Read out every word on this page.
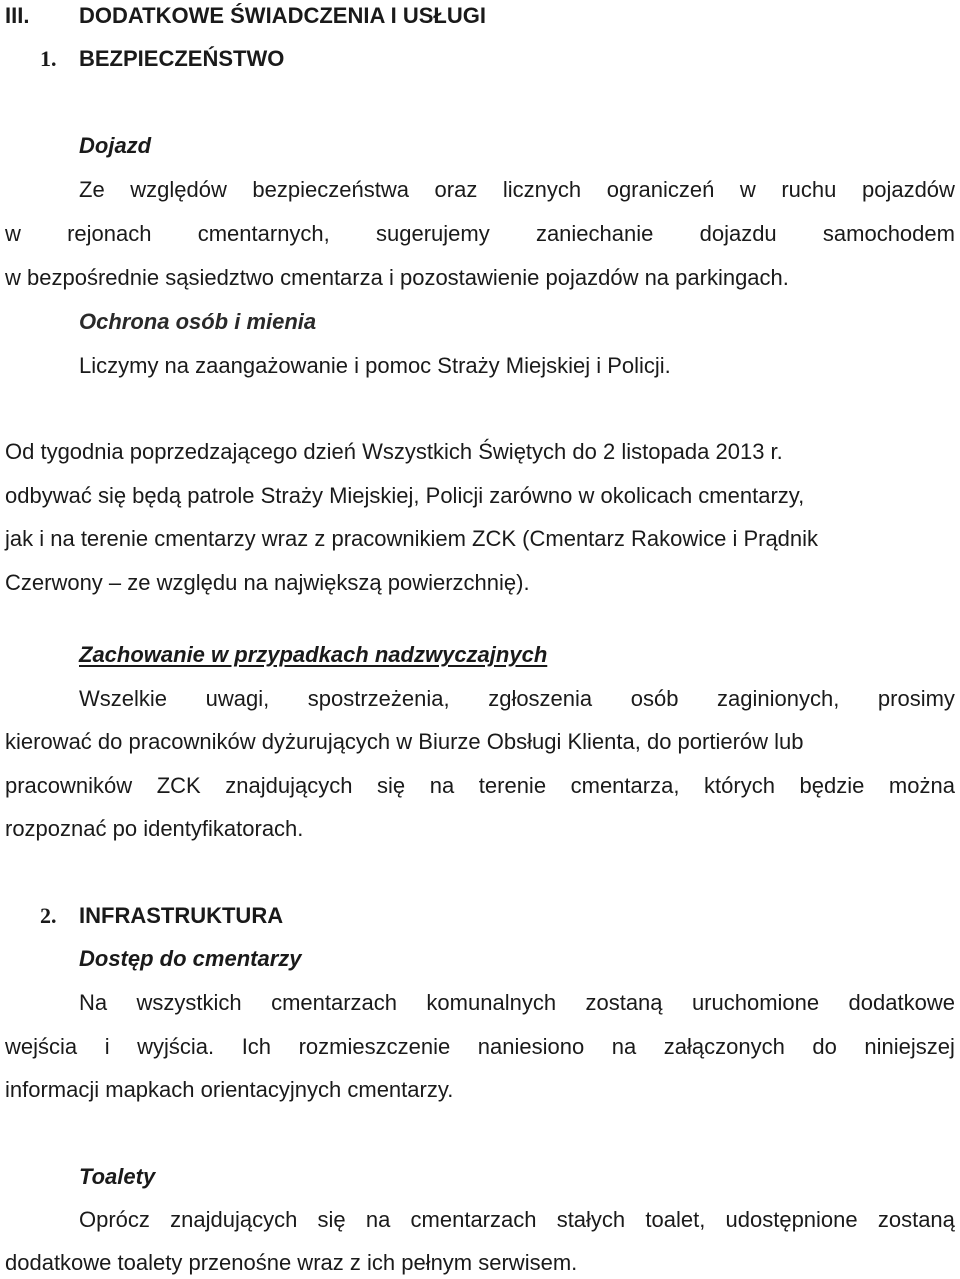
III. DODATKOWE ŚWIADCZENIA I USŁUGI
1. BEZPIECZEŃSTWO
Dojazd
Ze względów bezpieczeństwa oraz licznych ograniczeń w ruchu pojazdów
w rejonach cmentarnych, sugerujemy zaniechanie dojazdu samochodem
w bezpośrednie sąsiedztwo cmentarza i pozostawienie pojazdów na parkingach.
Ochrona osób i mienia
Liczymy na zaangażowanie i pomoc Straży Miejskiej i Policji.
Od tygodnia poprzedzającego dzień Wszystkich Świętych do 2 listopada 2013 r.
odbywać się będą patrole Straży Miejskiej, Policji zarówno w okolicach cmentarzy,
jak i na terenie cmentarzy wraz z pracownikiem ZCK (Cmentarz Rakowice i Prądnik
Czerwony – ze względu na największą powierzchnię).
Zachowanie w przypadkach nadzwyczajnych
Wszelkie uwagi, spostrzeżenia, zgłoszenia osób zaginionych, prosimy
kierować do pracowników dyżurujących w Biurze Obsługi Klienta, do portierów lub
pracowników ZCK znajdujących się na terenie cmentarza, których będzie można
rozpoznać po identyfikatorach.
2. INFRASTRUKTURA
Dostęp do cmentarzy
Na wszystkich cmentarzach komunalnych zostaną uruchomione dodatkowe
wejścia i wyjścia. Ich rozmieszczenie naniesiono na załączonych do niniejszej
informacji mapkach orientacyjnych cmentarzy.
Toalety
Oprócz znajdujących się na cmentarzach stałych toalet, udostępnione zostaną
dodatkowe toalety przenośne wraz z ich pełnym serwisem.
